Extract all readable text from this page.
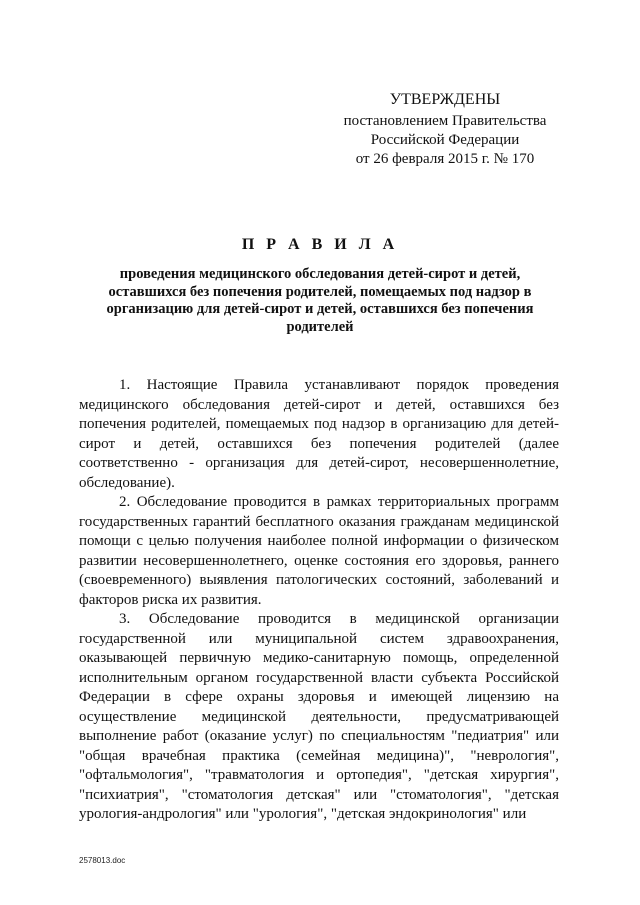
УТВЕРЖДЕНЫ
постановлением Правительства
Российской Федерации
от 26 февраля 2015 г. № 170
П Р А В И Л А
проведения медицинского обследования детей-сирот и детей, оставшихся без попечения родителей, помещаемых под надзор в организацию для детей-сирот и детей, оставшихся без попечения родителей

1. Настоящие Правила устанавливают порядок проведения медицинского обследования детей-сирот и детей, оставшихся без попечения родителей, помещаемых под надзор в организацию для детей-сирот и детей, оставшихся без попечения родителей (далее соответственно - организация для детей-сирот, несовершеннолетние, обследование).

2. Обследование проводится в рамках территориальных программ государственных гарантий бесплатного оказания гражданам медицинской помощи с целью получения наиболее полной информации о физическом развитии несовершеннолетнего, оценке состояния его здоровья, раннего (своевременного) выявления патологических состояний, заболеваний и факторов риска их развития.

3. Обследование проводится в медицинской организации государственной или муниципальной систем здравоохранения, оказывающей первичную медико-санитарную помощь, определенной исполнительным органом государственной власти субъекта Российской Федерации в сфере охраны здоровья и имеющей лицензию на осуществление медицинской деятельности, предусматривающей выполнение работ (оказание услуг) по специальностям "педиатрия" или "общая врачебная практика (семейная медицина)", "неврология", "офтальмология", "травматология и ортопедия", "детская хирургия", "психиатрия", "стоматология детская" или "стоматология", "детская урология-андрология" или "урология", "детская эндокринология" или

2578013.doc
